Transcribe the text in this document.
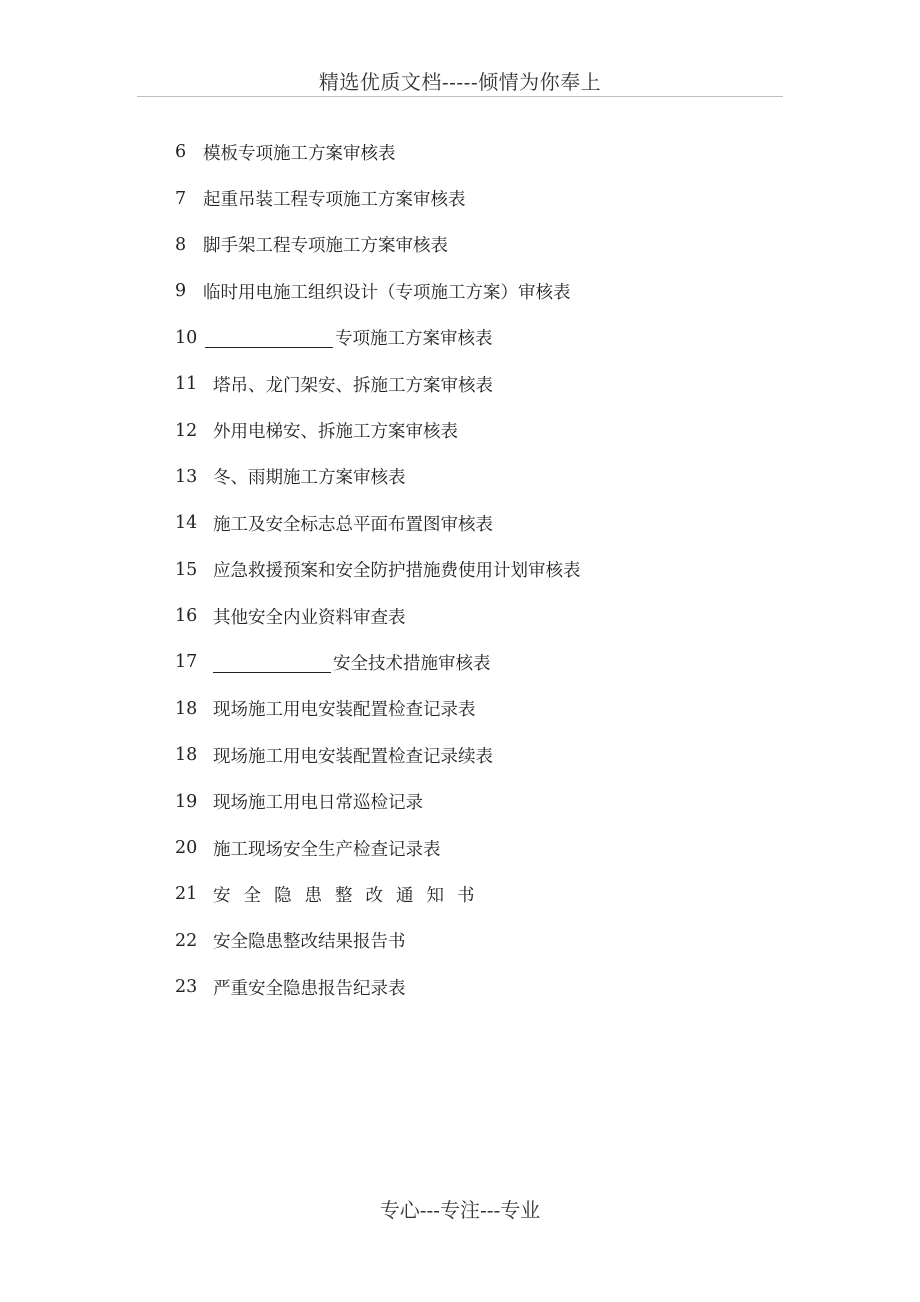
精选优质文档-----倾情为你奉上
6 模板专项施工方案审核表
7 起重吊装工程专项施工方案审核表
8 脚手架工程专项施工方案审核表
9 临时用电施工组织设计（专项施工方案）审核表
10	专项施工方案审核表
11 塔吊、龙门架安、拆施工方案审核表
12 外用电梯安、拆施工方案审核表
13 冬、雨期施工方案审核表
14 施工及安全标志总平面布置图审核表
15 应急救援预案和安全防护措施费使用计划审核表
16 其他安全内业资料审查表
17	安全技术措施审核表
18 现场施工用电安装配置检查记录表
18 现场施工用电安装配置检查记录续表
19 现场施工用电日常巡检记录
20 施工现场安全生产检查记录表
21 安全隐患整改通知书
22 安全隐患整改结果报告书
23 严重安全隐患报告纪录表
专心---专注---专业
